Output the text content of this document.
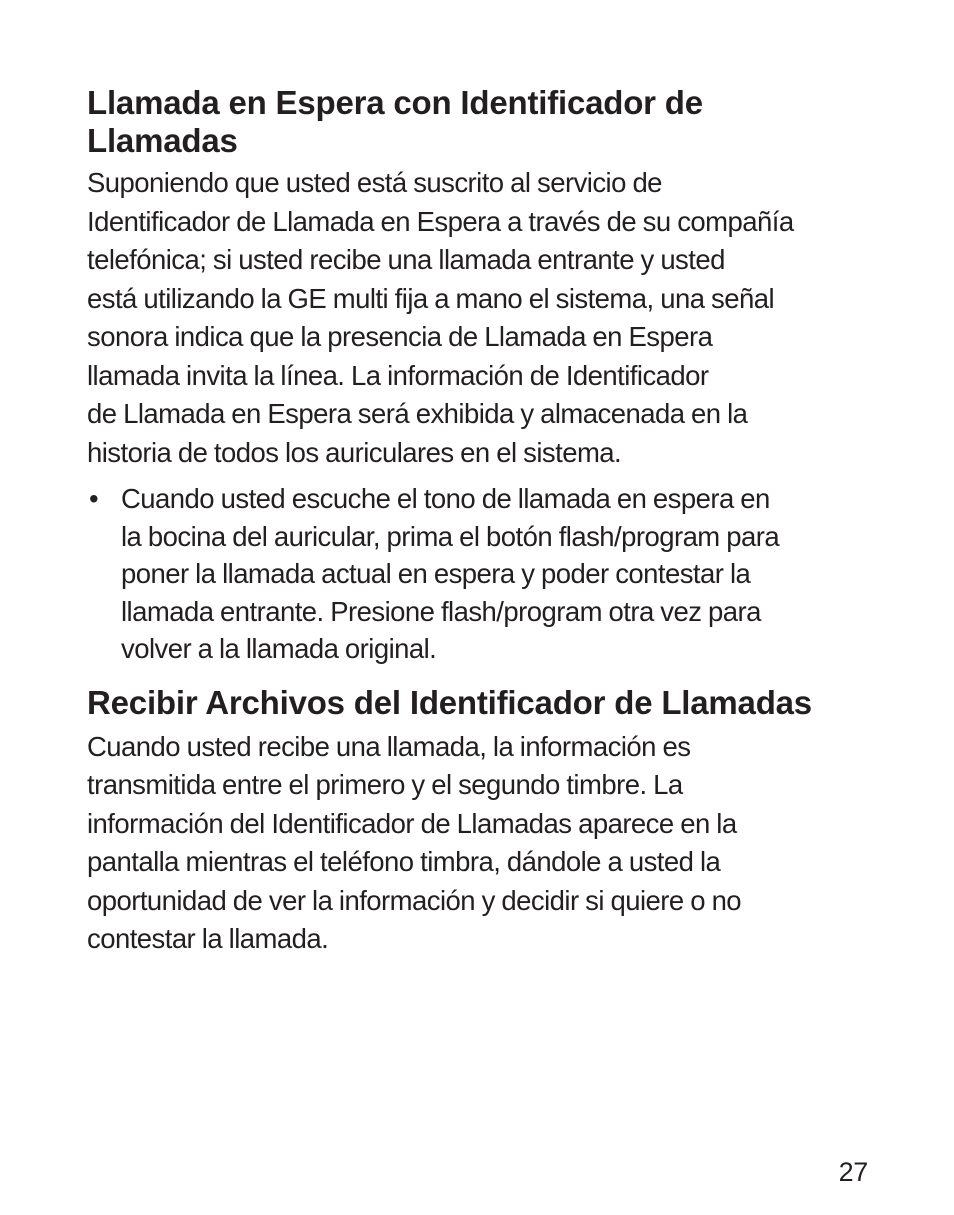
Llamada en Espera con Identificador de Llamadas

Suponiendo que usted está suscrito al servicio de
Identificador de Llamada en Espera a través de su compañía
telefónica; si usted recibe una llamada entrante y usted
está utilizando la GE multi fija a mano el sistema, una señal
sonora indica que la presencia de Llamada en Espera
llamada invita la línea. La información de Identificador
de Llamada en Espera será exhibida y almacenada en la
historia de todos los auriculares en el sistema.

• Cuando usted escuche el tono de llamada en espera en
la bocina del auricular, prima el botón flash/program para
poner la llamada actual en espera y poder contestar la
llamada entrante. Presione flash/program otra vez para
volver a la llamada original.
Recibir Archivos del Identificador de Llamadas

Cuando usted recibe una llamada, la información es
transmitida entre el primero y el segundo timbre. La
información del Identificador de Llamadas aparece en la
pantalla mientras el teléfono timbra, dándole a usted la
oportunidad de ver la información y decidir si quiere o no
contestar la llamada.

27
